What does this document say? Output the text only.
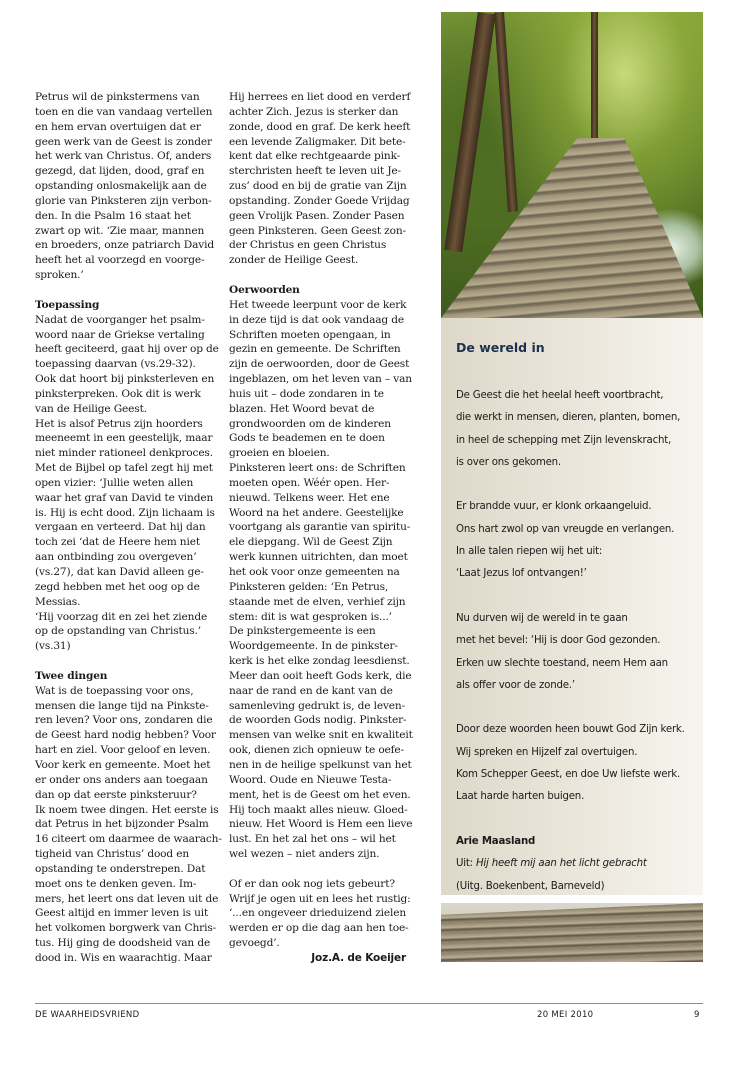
Petrus wil de pinkstermens van
toen en die van vandaag vertellen
en hem ervan overtuigen dat er
geen werk van de Geest is zonder
het werk van Christus. Of, anders
gezegd, dat lijden, dood, graf en
opstanding onlosmakelijk aan de
glorie van Pinksteren zijn verbon-
den. In die Psalm 16 staat het
zwart op wit. ‘Zie maar, mannen
en broeders, onze patriarch David
heeft het al voorzegd en voorge-
sproken.’
Toepassing
Nadat de voorganger het psalm-
woord naar de Griekse vertaling
heeft geciteerd, gaat hij over op de
toepassing daarvan (vs.29-32).
Ook dat hoort bij pinksterleven en
pinksterpreken. Ook dit is werk
van de Heilige Geest.
Het is alsof Petrus zijn hoorders
meeneemt in een geestelijk, maar
niet minder rationeel denkproces.
Met de Bijbel op tafel zegt hij met
open vizier: ‘Jullie weten allen
waar het graf van David te vinden
is. Hij is echt dood. Zijn lichaam is
vergaan en verteerd. Dat hij dan
toch zei ‘dat de Heere hem niet
aan ontbinding zou overgeven’
(vs.27), dat kan David alleen ge-
zegd hebben met het oog op de
Messias.
‘Hij voorzag dit en zei het ziende
op de opstanding van Christus.’
(vs.31)
Twee dingen
Wat is de toepassing voor ons,
mensen die lange tijd na Pinkste-
ren leven? Voor ons, zondaren die
de Geest hard nodig hebben? Voor
hart en ziel. Voor geloof en leven.
Voor kerk en gemeente. Moet het
er onder ons anders aan toegaan
dan op dat eerste pinksteruur?
Ik noem twee dingen. Het eerste is
dat Petrus in het bijzonder Psalm
16 citeert om daarmee de waarach-
tigheid van Christus’ dood en
opstanding te onderstrepen. Dat
moet ons te denken geven. Im-
mers, het leert ons dat leven uit de
Geest altijd en immer leven is uit
het volkomen borgwerk van Chris-
tus. Hij ging de doodsheid van de
dood in. Wis en waarachtig. Maar
Hij herrees en liet dood en verderf
achter Zich. Jezus is sterker dan
zonde, dood en graf. De kerk heeft
een levende Zaligmaker. Dit bete-
kent dat elke rechtgeaarde pink-
sterchristen heeft te leven uit Je-
zus’ dood en bij de gratie van Zijn
opstanding. Zonder Goede Vrijdag
geen Vrolijk Pasen. Zonder Pasen
geen Pinksteren. Geen Geest zon-
der Christus en geen Christus
zonder de Heilige Geest.
Oerwoorden
Het tweede leerpunt voor de kerk
in deze tijd is dat ook vandaag de
Schriften moeten opengaan, in
gezin en gemeente. De Schriften
zijn de oerwoorden, door de Geest
ingeblazen, om het leven van – van
huis uit – dode zondaren in te
blazen. Het Woord bevat de
grondwoorden om de kinderen
Gods te beademen en te doen
groeien en bloeien.
Pinksteren leert ons: de Schriften
moeten open. Wéér open. Her-
nieuwd. Telkens weer. Het ene
Woord na het andere. Geestelijke
voortgang als garantie van spiritu-
ele diepgang. Wil de Geest Zijn
werk kunnen uitrichten, dan moet
het ook voor onze gemeenten na
Pinksteren gelden: ‘En Petrus,
staande met de elven, verhief zijn
stem: dit is wat gesproken is...’
De pinkstergemeente is een
Woordgemeente. In de pinkster-
kerk is het elke zondag leesdienst.
Meer dan ooit heeft Gods kerk, die
naar de rand en de kant van de
samenleving gedrukt is, de leven-
de woorden Gods nodig. Pinkster-
mensen van welke snit en kwaliteit
ook, dienen zich opnieuw te oefe-
nen in de heilige spelkunst van het
Woord. Oude en Nieuwe Testa-
ment, het is de Geest om het even.
Hij toch maakt alles nieuw. Gloed-
nieuw. Het Woord is Hem een lieve
lust. En het zal het ons – wil het
wel wezen – niet anders zijn.
Of er dan ook nog iets gebeurt?
Wrijf je ogen uit en lees het rustig:
‘...en ongeveer drieduizend zielen
werden er op die dag aan hen toe-
gevoegd’.
Joz.A. de Koeijer
De wereld in
De Geest die het heelal heeft voortbracht,
die werkt in mensen, dieren, planten, bomen,
in heel de schepping met Zijn levenskracht,
is over ons gekomen.
Er brandde vuur, er klonk orkaangeluid.
Ons hart zwol op van vreugde en verlangen.
In alle talen riepen wij het uit:
‘Laat Jezus lof ontvangen!’
Nu durven wij de wereld in te gaan
met het bevel: ‘Hij is door God gezonden.
Erken uw slechte toestand, neem Hem aan
als offer voor de zonde.’
Door deze woorden heen bouwt God Zijn kerk.
Wij spreken en Hijzelf zal overtuigen.
Kom Schepper Geest, en doe Uw liefste werk.
Laat harde harten buigen.
Arie Maasland
Uit: Hij heeft mij aan het licht gebracht
(Uitg. Boekenbent, Barneveld)
DE WAARHEIDSVRIEND	20 MEI 2010	9
